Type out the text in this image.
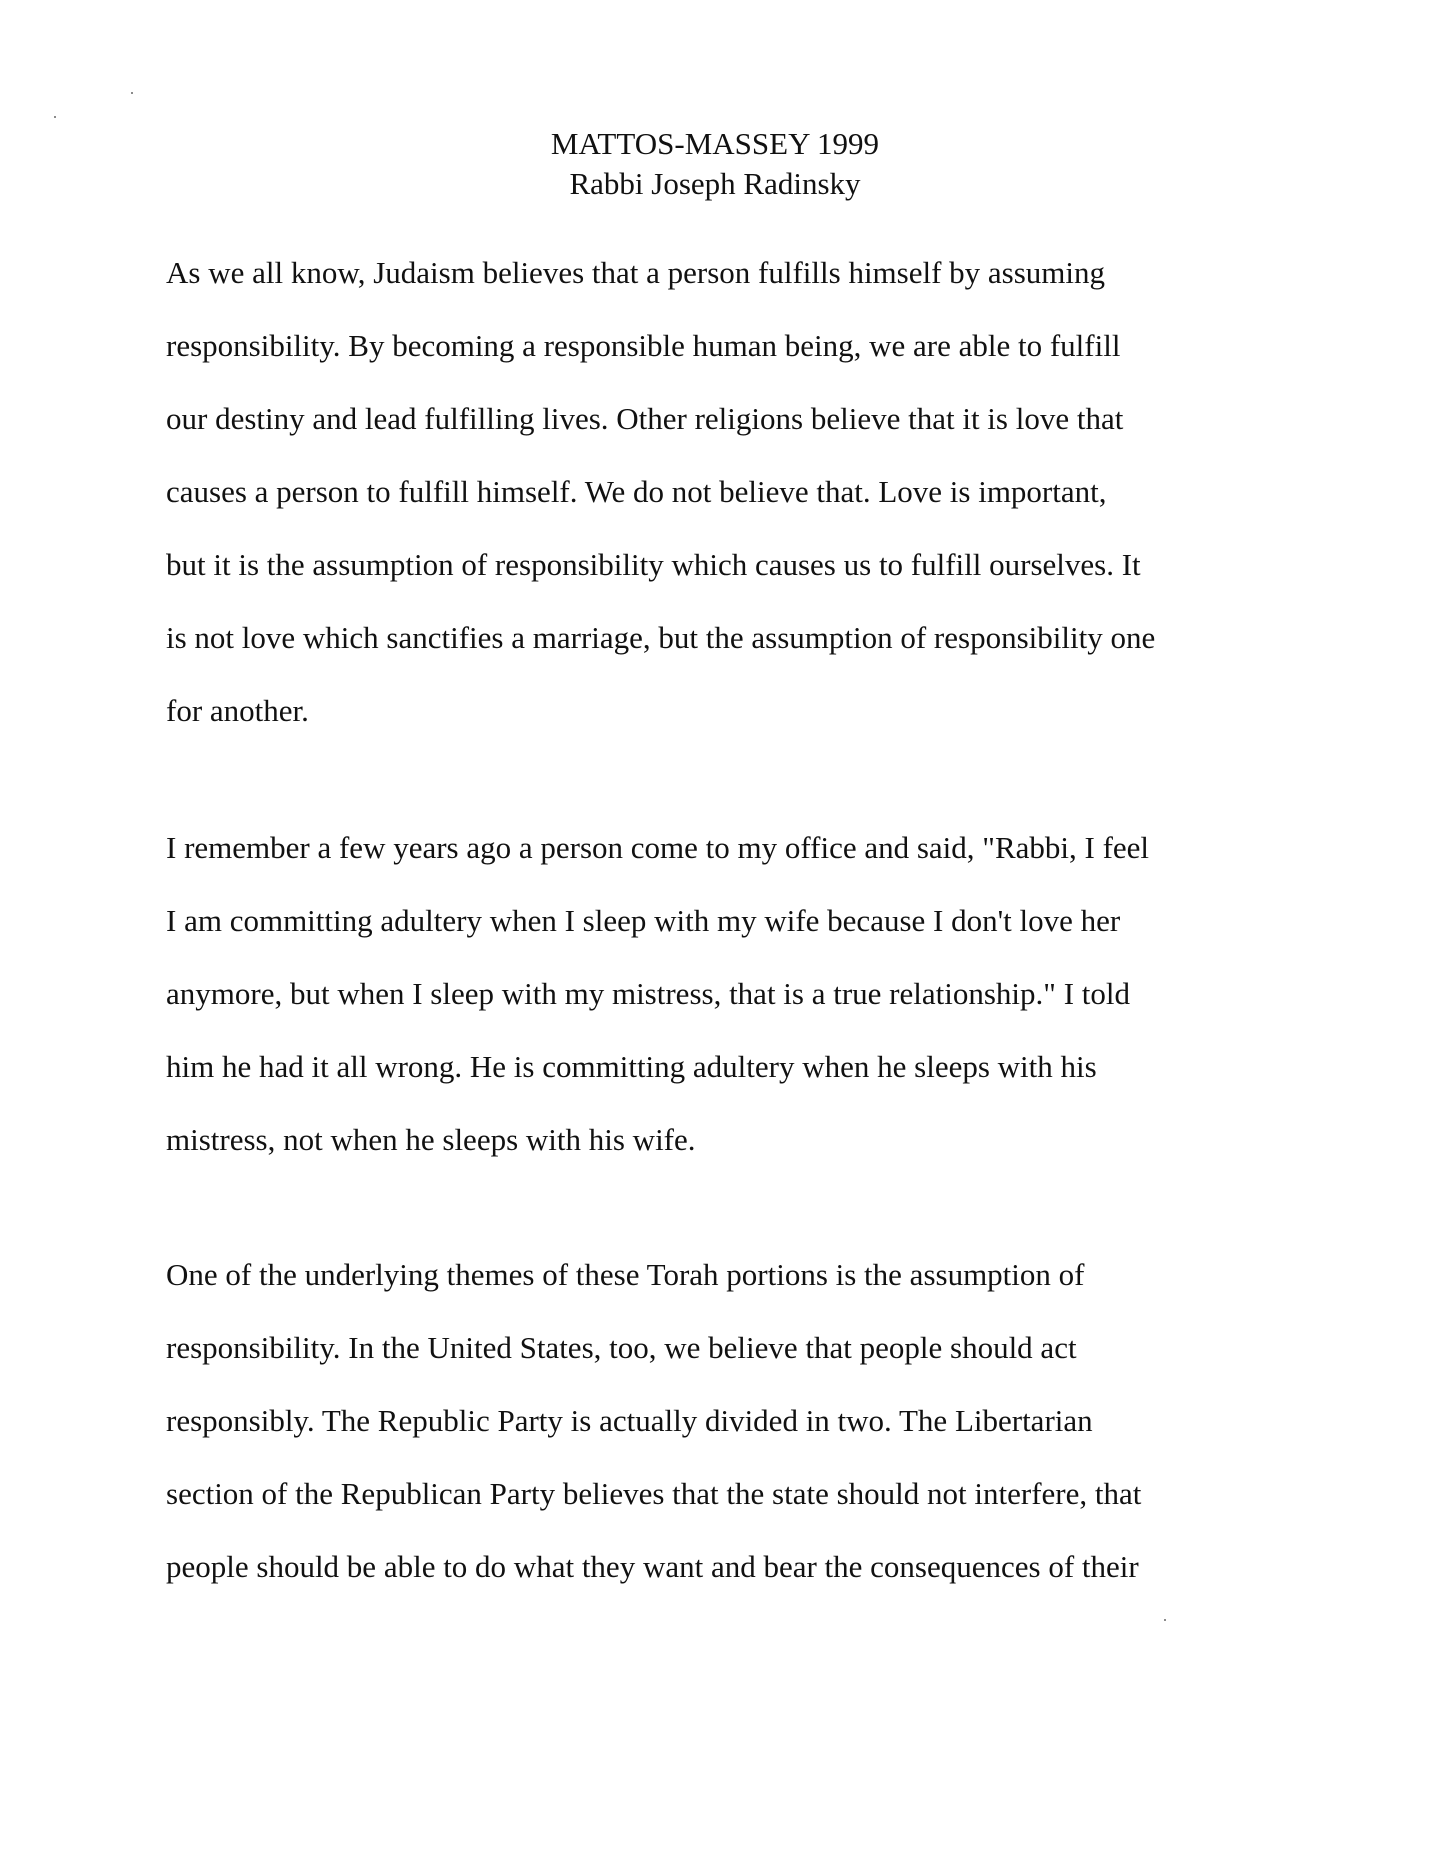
MATTOS-MASSEY 1999
Rabbi Joseph Radinsky
As we all know, Judaism believes that a person fulfills himself by assuming
responsibility. By becoming a responsible human being, we are able to fulfill
our destiny and lead fulfilling lives. Other religions believe that it is love that
causes a person to fulfill himself. We do not believe that. Love is important,
but it is the assumption of responsibility which causes us to fulfill ourselves. It
is not love which sanctifies a marriage, but the assumption of responsibility one
for another.
I remember a few years ago a person come to my office and said, "Rabbi, I feel
I am committing adultery when I sleep with my wife because I don't love her
anymore, but when I sleep with my mistress, that is a true relationship." I told
him he had it all wrong. He is committing adultery when he sleeps with his
mistress, not when he sleeps with his wife.
One of the underlying themes of these Torah portions is the assumption of
responsibility. In the United States, too, we believe that people should act
responsibly. The Republic Party is actually divided in two. The Libertarian
section of the Republican Party believes that the state should not interfere, that
people should be able to do what they want and bear the consequences of their
